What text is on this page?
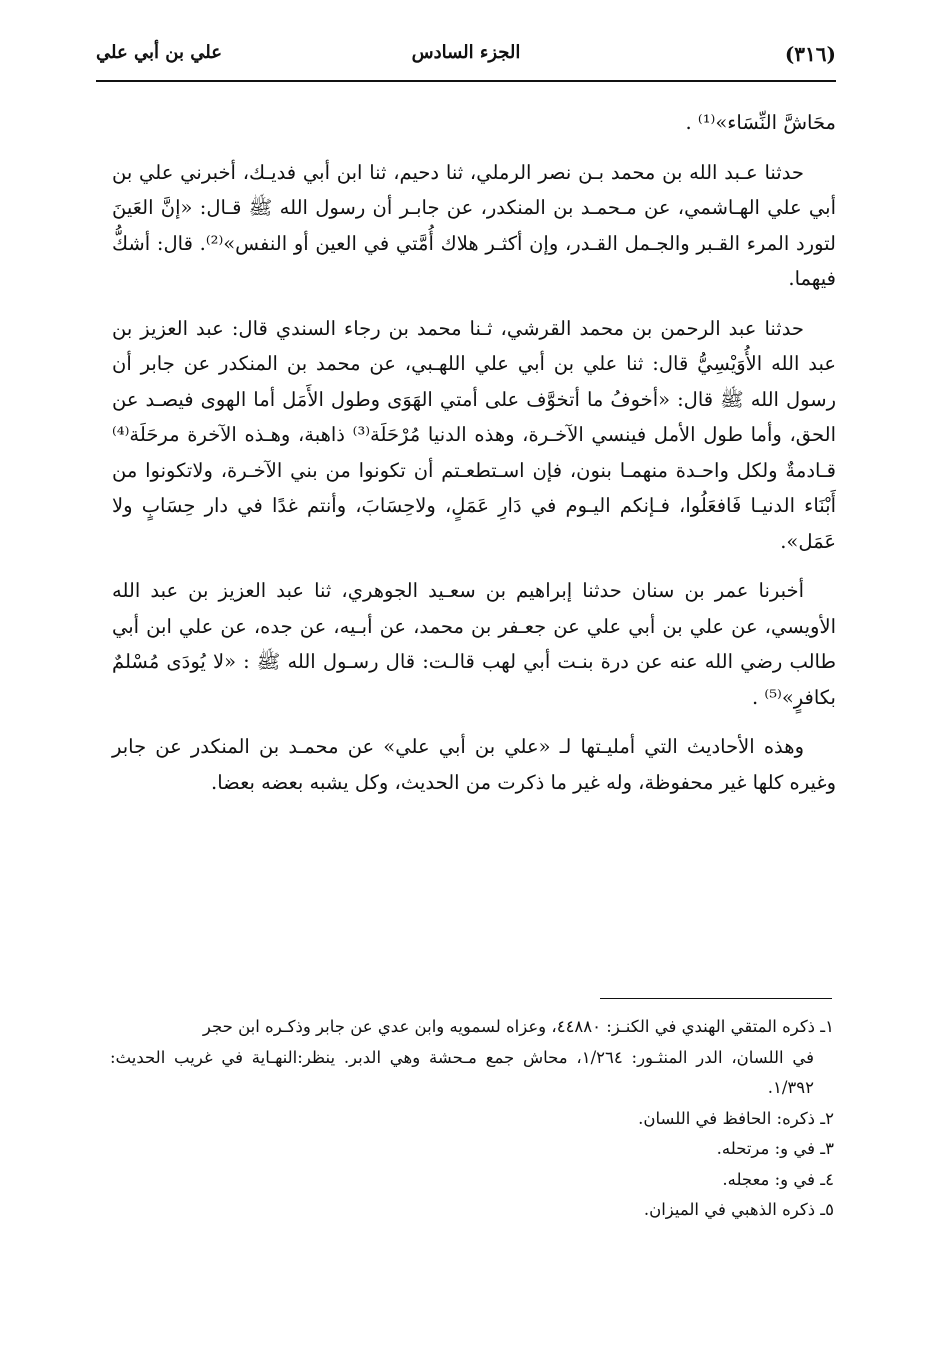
(٣١٦)
الجزء السادس
علي بن أبي علي

محَاشَّ النِّسَاء»⁽¹⁾ .

حدثنا عـبد الله بن محمد بـن نصر الرملي، ثنا دحيم، ثنا ابن أبي فديـك، أخبرني علي بن أبي علي الهـاشمي، عن مـحمـد بن المنكدر، عن جابـر أن رسول الله ﷺ قـال: «إنَّ العَينَ لتورد المرء القـبر والجـمل القـدر، وإن أكثـر هلاك أُمَّتي في العين أو النفس»⁽²⁾. قال: أشكُّ فيهما.

حدثنا عبد الرحمن بن محمد القرشي، ثـنا محمد بن رجاء السندي قال: عبد العزيز بن عبد الله الأُوَيْسِيُّ قال: ثنا علي بن أبي علي اللهـبي، عن محمد بن المنكدر عن جابر أن رسول الله ﷺ قال: «أخوفُ ما أتخوَّف على أمتي الهَوَى وطول الأَمَل أما الهوى فيصـد عن الحق، وأما طول الأمل فينسي الآخـرة، وهذه الدنيا مُرْحَلَة⁽³⁾ ذاهبة، وهـذه الآخرة مرحَلَة⁽⁴⁾ قـادمةٌ ولكل واحـدة منهمـا بنون، فإن اسـتطعـتم أن تكونوا من بني الآخـرة، ولاتكونوا من أَبْنَاء الدنيـا فَافعَلُوا، فـإنكم اليـوم في دَارِ عَمَلٍ، ولاحِسَابَ، وأنتم غدًا في دار حِسَابٍ ولا عَمَل».

أخبرنا عمر بن سنان حدثنا إبراهيم بن سعـيد الجوهري، ثنا عبد العزيز بن عبد الله الأويسي، عن علي بن أبي علي عن جعـفر بن محمد، عن أبـيه، عن جده، عن علي ابن أبي طالب رضي الله عنه عن درة بنـت أبي لهب قالـت: قال رسـول الله ﷺ : «لا يُودَى مُسْلمٌ بكافرٍ»⁽⁵⁾ .

وهذه الأحاديث التي أمليـتها لـ «علي بن أبي علي» عن محمـد بن المنكدر عن جابر وغيره كلها غير محفوظة، وله غير ما ذكرت من الحديث، وكل يشبه بعضه بعضا.

١ـ ذكره المتقي الهندي في الكنـز: ٤٤٨٨٠، وعزاه لسمويه وابن عدي عن جابر وذكـره ابن حجر
في اللسان، الدر المنثـور: ١/٢٦٤، محاش جمع مـحشة وهي الدبر. ينظر:النهـاية في غريب الحديث: ١/٣٩٢.

٢ـ ذكره: الحافظ في اللسان.

٣ـ في و: مرتحله.

٤ـ في و: معجله.

٥ـ ذكره الذهبي في الميزان.
